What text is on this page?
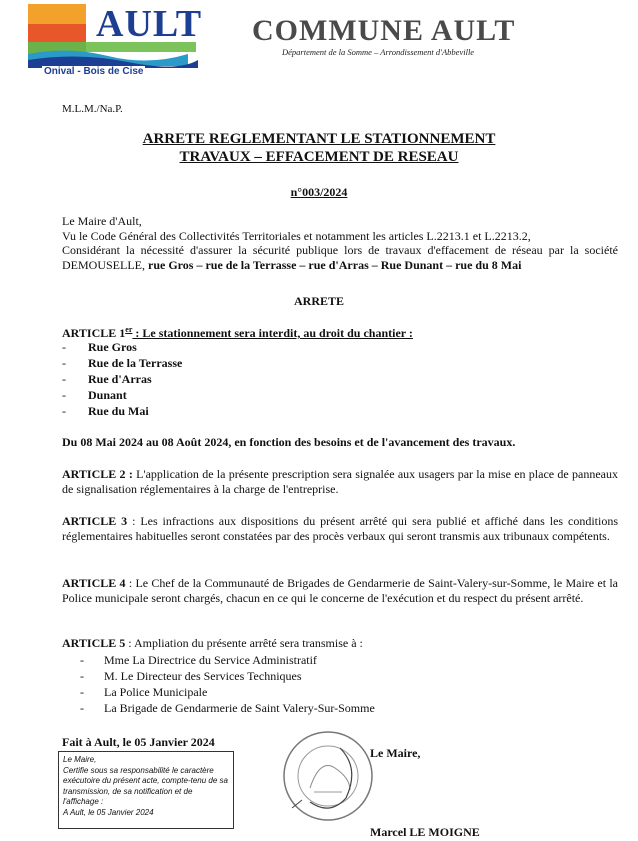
AULT
Onival - Bois de Cise
COMMUNE AULT
Département de la Somme – Arrondissement d'Abbeville
M.L.M./Na.P.
ARRETE REGLEMENTANT LE STATIONNEMENT
TRAVAUX – EFFACEMENT DE RESEAU
n°003/2024
Le Maire d'Ault,
Vu le Code Général des Collectivités Territoriales et notamment les articles L.2213.1 et L.2213.2,
Considérant la nécessité d'assurer la sécurité publique lors de travaux d'effacement de réseau par la société DEMOUSELLE, rue Gros – rue de la Terrasse – rue d'Arras – Rue Dunant – rue du 8 Mai
ARRETE
ARTICLE 1er : Le stationnement sera interdit, au droit du chantier :
-	Rue Gros
-	Rue de la Terrasse
-	Rue d'Arras
-	Dunant
-	Rue du Mai
Du 08 Mai 2024 au 08 Août 2024, en fonction des besoins et de l'avancement des travaux.
ARTICLE 2 : L'application de la présente prescription sera signalée aux usagers par la mise en place de panneaux de signalisation réglementaires à la charge de l'entreprise.
ARTICLE 3 : Les infractions aux dispositions du présent arrêté qui sera publié et affiché dans les conditions réglementaires habituelles seront constatées par des procès verbaux qui seront transmis aux tribunaux compétents.
ARTICLE 4 : Le Chef de la Communauté de Brigades de Gendarmerie de Saint-Valery-sur-Somme, le Maire et la Police municipale seront chargés, chacun en ce qui le concerne de l'exécution et du respect du présent arrêté.
ARTICLE 5 : Ampliation du présente arrêté sera transmise à :
-	Mme La Directrice du Service Administratif
-	M. Le Directeur des Services Techniques
-	La Police Municipale
-	La Brigade de Gendarmerie de Saint Valery-Sur-Somme
Fait à Ault, le 05 Janvier 2024
Le Maire,
Certifie sous sa responsabilité le caractère exécutoire du présent acte, compte-tenu de sa transmission, de sa notification et de l'affichage :
A Ault, le 05 Janvier 2024
Le Maire,
Marcel LE MOIGNE
